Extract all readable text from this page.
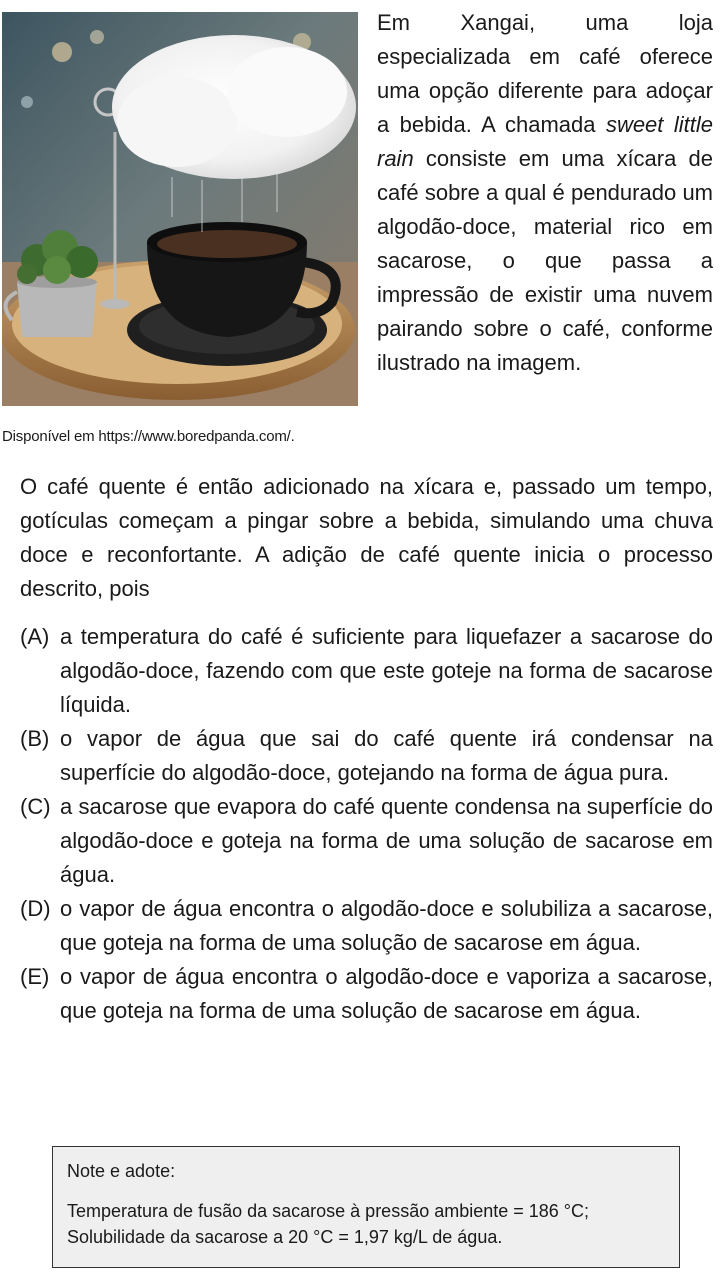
Em Xangai, uma loja especializada em café oferece uma opção diferente para adoçar a bebida. A chamada sweet little rain consiste em uma xícara de café sobre a qual é pendurado um algodão-doce, material rico em sacarose, o que passa a impressão de existir uma nuvem pairando sobre o café, conforme ilustrado na imagem.
Disponível em https://www.boredpanda.com/.
O café quente é então adicionado na xícara e, passado um tempo, gotículas começam a pingar sobre a bebida, simulando uma chuva doce e reconfortante. A adição de café quente inicia o processo descrito, pois
(A) a temperatura do café é suficiente para liquefazer a sacarose do algodão-doce, fazendo com que este goteje na forma de sacarose líquida.
(B) o vapor de água que sai do café quente irá condensar na superfície do algodão-doce, gotejando na forma de água pura.
(C) a sacarose que evapora do café quente condensa na superfície do algodão-doce e goteja na forma de uma solução de sacarose em água.
(D) o vapor de água encontra o algodão-doce e solubiliza a sacarose, que goteja na forma de uma solução de sacarose em água.
(E) o vapor de água encontra o algodão-doce e vaporiza a sacarose, que goteja na forma de uma solução de sacarose em água.
Note e adote:
Temperatura de fusão da sacarose à pressão ambiente = 186 °C;
Solubilidade da sacarose a 20 °C = 1,97 kg/L de água.
